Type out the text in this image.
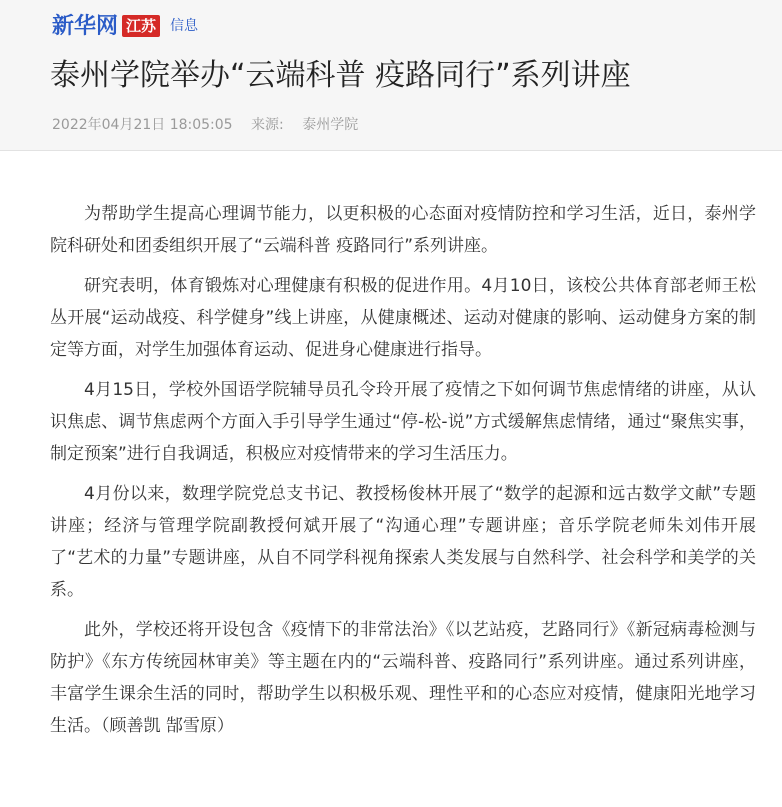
新华网 江苏 信息
泰州学院举办“云端科普 疫路同行”系列讲座
2022年04月21日 18:05:05 来源: 泰州学院

为帮助学生提高心理调节能力，以更积极的心态面对疫情防控和学习生活，近日，泰州学院科研处和团委组织开展了“云端科普 疫路同行”系列讲座。

研究表明，体育锻炼对心理健康有积极的促进作用。4月10日，该校公共体育部老师王松丛开展“运动战疫、科学健身”线上讲座，从健康概述、运动对健康的影响、运动健身方案的制定等方面，对学生加强体育运动、促进身心健康进行指导。

4月15日，学校外国语学院辅导员孔令玲开展了疫情之下如何调节焦虑情绪的讲座，从认识焦虑、调节焦虑两个方面入手引导学生通过“停-松-说”方式缓解焦虑情绪，通过“聚焦实事，制定预案”进行自我调适，积极应对疫情带来的学习生活压力。

4月份以来，数理学院党总支书记、教授杨俊林开展了“数学的起源和远古数学文献”专题讲座；经济与管理学院副教授何斌开展了“沟通心理”专题讲座；音乐学院老师朱刘伟开展了“艺术的力量”专题讲座，从自不同学科视角探索人类发展与自然科学、社会科学和美学的关系。

此外，学校还将开设包含《疫情下的非常法治》《以艺站疫，艺路同行》《新冠病毒检测与防护》《东方传统园林审美》等主题在内的“云端科普、疫路同行”系列讲座。通过系列讲座，丰富学生课余生活的同时，帮助学生以积极乐观、理性平和的心态应对疫情，健康阳光地学习生活。（顾善凯 郜雪原）
